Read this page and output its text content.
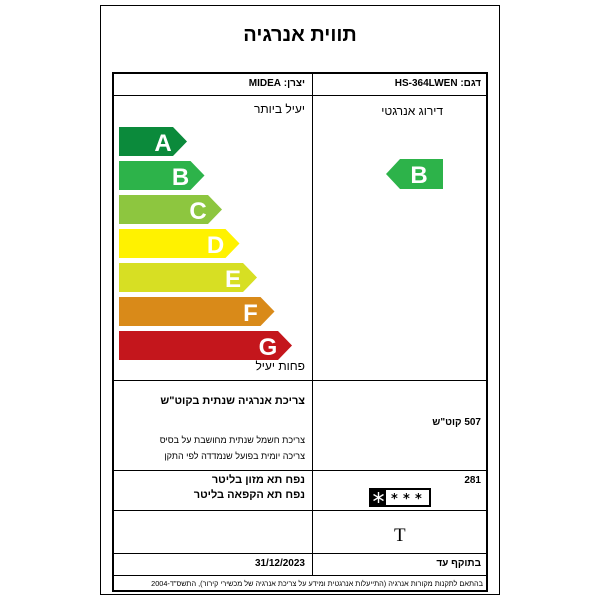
תווית אנרגיה
דגם: HS-364LWEN
יצרן: MIDEA
יעיל ביותר
A
B
C
D
E
F
G
פחות יעיל
דירוג אנרגטי
B
צריכת אנרגיה שנתית בקוט"ש
צריכת חשמל שנתית מחושבת על בסיס
צריכה יומית בפועל שנמדדה לפי התקן
507 קוט"ש
נפח תא מזון בליטר
נפח תא הקפאה בליטר
281
* * *
T
31/12/2023	בתוקף עד
בהתאם לתקנות מקורות אנרגיה (התייעלות אנרגטית ומידע על צריכת אנרגיה של מכשירי קירור), התשס"ד-2004
